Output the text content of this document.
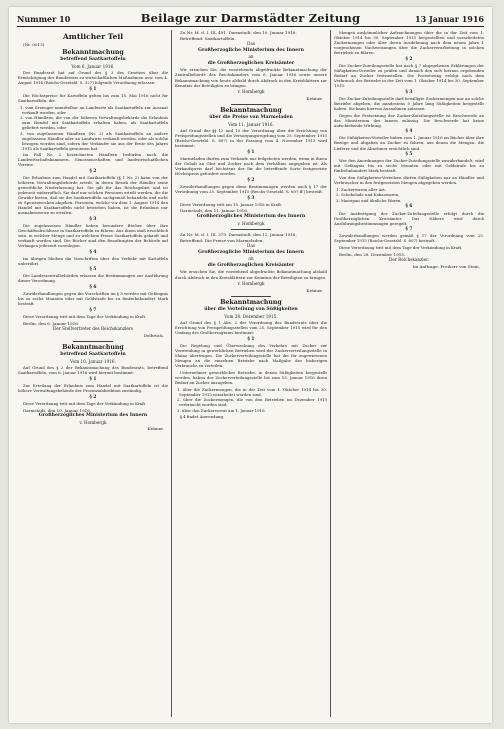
Nummer 10	Beilage zur Darmstädter Zeitung	13 Januar 1916
Amtlicher Teil
(Nr. 0013)
Bekanntmachung
betreffend Saatkartoffeln
Vom 6. Januar 1916.

Der Bundesrat hat auf Grund des § 3 des Gesetzes über die Ermächtigung des Bundesrats zu wirtschaftlichen Maßnahmen usw. vom 4. August 1914 (Reichs-Gesetzbl. S. 327) folgende Verordnung erlassen:

§ 1

Die Höchstpreise für Kartoffeln gelten bis zum 15. Mai 1916 nicht für Saatkartoffeln, die

1. vom Erzeuger unmittelbar an Landwirte als Saatkartoffeln zur Aussaat verkauft werden, oder

2. von Händlern, die von der höheren Verwaltungsbehörde die Erlaubnis zum Handel mit Saatkartoffeln erhalten haben, als Saatkartoffeln geliefert werden, oder

3. von zugelassenen Händlern (Nr. 2) als Saatkartoffeln an andere zugelassene Händler oder an Landwirte verkauft werden, oder als solche bezogen worden sind, sofern der Verkäufer sie aus der Ernte des Jahres 1915 als Saatkartoffeln gewonnen hat.

Im Fall Nr. 2 bezeichneten Händlern bedürfen auch die Landwirtschaftskammern, Genossenschaften und landwirtschaftlichen Vereine.

§ 2

Die Erlaubnis zum Handel mit Saatkartoffeln (§ 1 Nr. 2) kann von der höheren Verwaltungsbehörde erteilt, in deren Bezirk der Händler seine gewerbliche Niederlassung hat. Sie gilt für das Reichsgebiet und ist jederzeit widerruflich. Sie darf nur solchen Personen erteilt werden, die die Gewähr bieten, daß sie die Saatkartoffeln sachgemäß behandeln und nicht zu Speisezwecken abgeben. Personen, welche vor dem 1. August 1914 den Handel mit Saatkartoffeln nicht betrieben haben, ist die Erlaubnis nur ausnahmsweise zu erteilen.

§ 3

Die zugelassenen Händler haben besondere Bücher über ihre Geschäftsabschlüsse in Saatkartoffeln zu führen. Aus ihnen muß ersichtlich sein, in welcher Menge und zu welchem Preise Saatkartoffeln gekauft und verkauft worden sind. Die Bücher sind den Beauftragten der Behörde auf Verlangen jederzeit vorzulegen.

§ 4

Im übrigen bleiben die Vorschriften über den Verkehr mit Kartoffeln unberührt.

§ 5

Die Landeszentralbehörden erlassen die Bestimmungen zur Ausführung dieser Verordnung.

§ 6

Zuwiderhandlungen gegen die Vorschriften im § 3 werden mit Gefängnis bis zu sechs Monaten oder mit Geldstrafe bis zu fünfzehnhundert Mark bestraft.

§ 7

Diese Verordnung tritt mit dem Tage der Verkündung in Kraft.

Berlin, den 6. Januar 1916.
Der Stellvertreter des Reichskanzlers
Delbrück.
Bekanntmachung
betreffend Saatkartoffeln
Vom 10. Januar 1916.

Auf Grund des § 2 der Bekanntmachung des Bundesrats, betreffend Saatkartoffeln, vom 6. Januar 1916 wird hiermit bestimmt:

§ 1

Zur Erteilung der Erlaubnis zum Handel mit Saatkartoffeln ist die höhere Verwaltungsbehörde der Provinzialdirektion zuständig.

§ 2

Diese Verordnung tritt mit dem Tage der Verkündung in Kraft.

Darmstadt, den 10. Januar 1916.
Großherzogliches Ministerium des Innern
v. Hombergk
Krämer.
Zu Nr. M. d. I. III. 491. Darmstadt, den 10. Januar 1916.
Betreffend: Saatkartoffeln.
Das
Großherzogliche Ministerium des Innern
an
die Großherzoglichen Kreisämter

Wir ersuchen Sie, die vorstehende abgedruckte Bekanntmachung der Zentralbehörde des Reichskanzlers vom 6. Januar 1916 sowie unsere Bekanntmachung von heute alsbald durch Abdruck in den Kreisblättern zur Kenntnis der Beteiligten zu bringen.

v. Hombergk
Krämer.
Bekanntmachung
über die Preise von Marmeladen
Vom 11. Januar 1916.

Auf Grund der §§ 12 und 15 der Verordnung über die Errichtung von Preisprüfungsstellen und die Versorgungsregelung vom 25. September 1915 (Reichs-Gesetzbl. S. 607) in der Fassung vom 4. November 1915 wird bestimmt:

§ 1

Marmeladen dürfen zum Verkaufe nur feilgeboten werden, wenn in ihnen der Gehalt an Obst und Zucker nach dem Verhältnis angegeben ist. Als Verkaufspreis darf höchstens der für die betreffende Sorte festgesetzte Höchstpreis gefordert werden.

§ 2

Zuwiderhandlungen gegen diese Bestimmungen werden nach § 17 der Verordnung vom 25. September 1915 (Reichs-Gesetzbl. S. 607 ff.) bestraft.

§ 3

Diese Verordnung tritt am 15. Januar 1916 in Kraft.

Darmstadt, den 11. Januar 1916.
Großherzogliches Ministerium des Innern
v. Hombergk
Zu Nr. M. d. I. III. 379. Darmstadt, den 11. Januar 1916.
Betreffend: Die Preise von Marmeladen.
Das
Großherzogliche Ministerium des Innern
an
die Großherzoglichen Kreisämter

Wir ersuchen Sie, die vorstehend abgedruckte Bekanntmachung alsbald durch Abdruck in den Kreisblättern zur Kenntnis der Beteiligten zu bringen.

v. Hombergk
Krämer.
Bekanntmachung
über die Verteilung von Süßigkeiten
Vom 28. Dezember 1915.

Auf Grund des § 1 Abs. 2 der Verordnung des Bundesrats über die Errichtung von Preisprüfungsstellen vom 25. September 1915 wird für den Umfang des Großherzogtums bestimmt:

§ 1

Die Regelung und Überwachung des Verkehrs mit Zucker zur Verwendung in gewerblichen Betrieben wird der Zuckerverteilungsstelle in Mainz übertragen. Die Zuckerverteilungsstelle hat die ihr zugewiesenen Mengen an die einzelnen Betriebe nach Maßgabe des bisherigen Verbrauchs zu verteilen.

Unternehmer gewerblicher Betriebe, in denen Süßigkeiten hergestellt werden, haben der Zuckerverteilungsstelle bis zum 15. Januar 1916 ihren Bedarf an Zucker anzugeben.

1. über die Zuckermengen, die in der Zeit vom 1. Oktober 1914 bis 30. September 1915 verarbeitet worden sind,

2. über die Zuckermengen, die von den Betrieben im Dezember 1915 verbraucht worden sind,

3. über den Zuckervorrat am 1. Januar 1916.

§ 4 findet Anwendung.

Mengeä auskömmlicher Aufzeichnungen über die in der Zeit vom 1. Oktober 1914 bis 30. September 1915 hergestellten und verarbeiteten Zuckermengen oder über deren Ausdehnung nach dem neuen Jahre 1 vorgesehenen Nachweisungen über die Zuckerverarbeitung in solchen Betrieben zu führen.

§ 2

Die Zucker-Zuteilungsstelle hat nach § 7 abgegebenen Erklärungen der Süßigkeiten-Verteiler zu prüfen und danach den sich hieraus ergebenden Bedarf an Zucker festzustellen. Die Festsetzung erfolgt nach dem Verbrauch der Betriebe in der Zeit vom 1. Oktober 1914 bis 30. September 1915.

§ 3

Die Zucker-Zuteilungsstelle darf bewilligte Zuckermengen nur an solche Betriebe abgeben, die mindestens 5 Jahre lang Süßigkeiten hergestellt haben. Sie kann hiervon Ausnahmen zulassen.

Gegen die Festsetzung der Zucker-Zuteilungsstelle ist Beschwerde an das Ministerium des Innern zulässig. Die Beschwerde hat keine aufschiebende Wirkung.

§ 4

Die Süßigkeiten-Verteiler haben vom 1. Januar 1916 an Bücher über ihre Bezüge und Abgaben an Zucker zu führen, aus denen die Mengen, die Lieferer und die Abnehmer ersichtlich sind.

§ 5

Wer den Anordnungen der Zucker-Zuteilungsstelle zuwiderhandelt, wird mit Gefängnis bis zu sechs Monaten oder mit Geldstrafe bis zu fünfzehnhundert Mark bestraft.

Von den Süßigkeiten-Verteilern dürfen Süßigkeiten nur an Händler und Verbraucher in den festgesetzten Mengen abgegeben werden.

1. Zuckerwaren aller Art,

2. Schokolade und Kakaowaren,

3. Marzipan und ähnliche Waren.

§ 6

Die Ausfertigung der Zucker-Zuteilungsstelle erfolgt durch die Großherzoglichen Kreisämter. Das Nähere wird durch Ausführungsbestimmungen geregelt.

§ 7

Zuwiderhandlungen werden gemäß § 17 der Verordnung vom 25. September 1915 (Reichs-Gesetzbl. S. 607) bestraft.

Diese Verordnung tritt mit dem Tage der Verkündung in Kraft.

Berlin, den 28. Dezember 1915.
Der Reichskanzler.
Im Auftrage: Freiherr von Stein.
